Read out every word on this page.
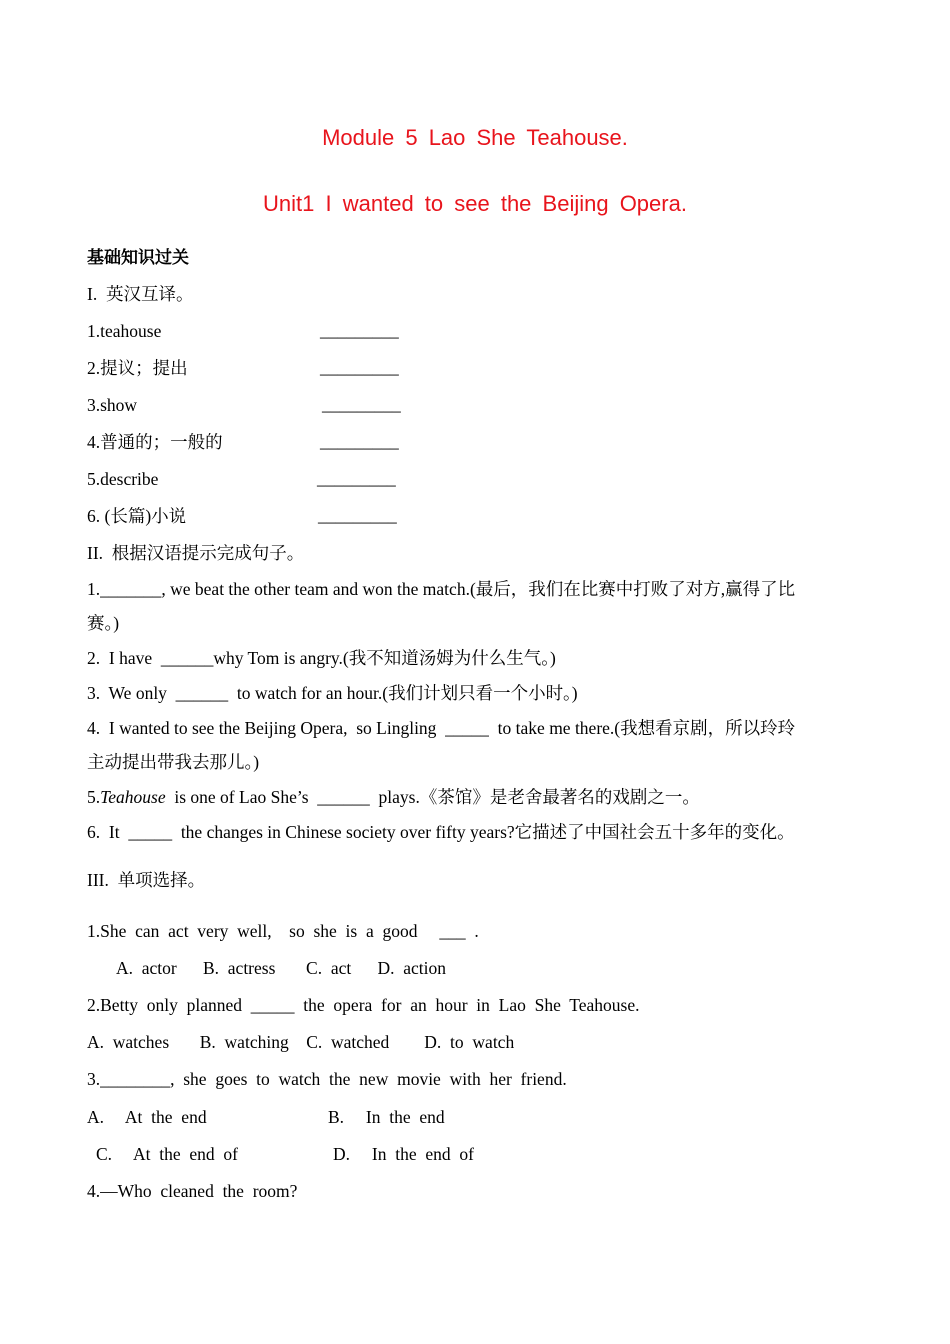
Module 5 Lao She Teahouse.
Unit1 I wanted to see the Beijing Opera.
基础知识过关
I.  英汉互译。
1.teahouse	_________
2.提议；提出	_________
3.show	_________
4.普通的；一般的	_________
5.describe	_________
6. (长篇)小说	_________
II.  根据汉语提示完成句子。
1._______, we beat the other team and won the match.(最后，我们在比赛中打败了对方,赢得了比
赛。)
2.  I have  ______why Tom is angry.(我不知道汤姆为什么生气。)
3.  We only  ______  to watch for an hour.(我们计划只看一个小时。)
4.  I wanted to see the Beijing Opera,  so Lingling  _____  to take me there.(我想看京剧，所以玲玲
主动提出带我去那儿。)
5.Teahouse  is one of Lao She’s  ______  plays.《茶馆》是老舍最著名的戏剧之一。
6.  It  _____  the changes in Chinese society over fifty years?它描述了中国社会五十多年的变化。
III.  单项选择。
1.She  can  act  very  well,    so  she  is  a  good     ___  .
A.  actor      B.  actress       C.  act      D.  action
2.Betty  only  planned  _____  the  opera  for  an  hour  in  Lao  She  Teahouse.
A.  watches       B.  watching    C.  watched        D.  to  watch
3.________,  she  goes  to  watch  the  new  movie  with  her  friend.
A.     At  the  end	B.     In  the  end
C.     At  the  end  of	D.     In  the  end  of
4.—Who  cleaned  the  room?
